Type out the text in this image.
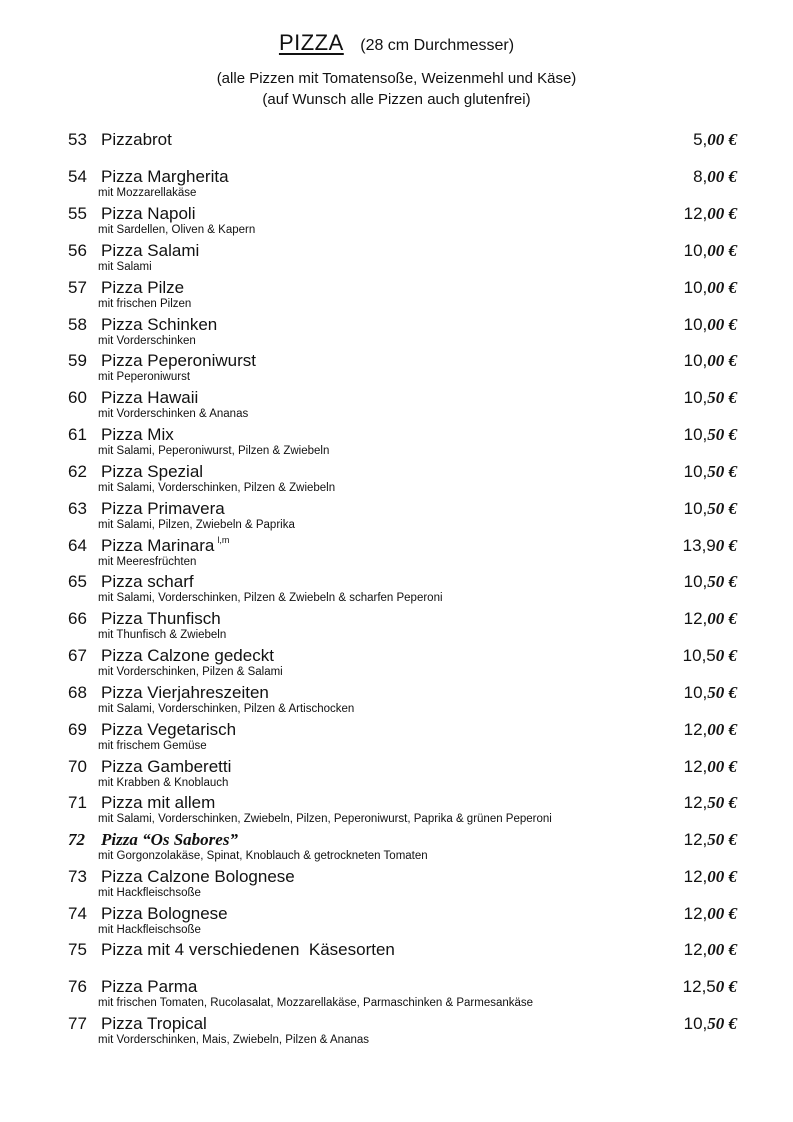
PIZZA (28 cm Durchmesser)
(alle Pizzen mit Tomatensoße, Weizenmehl und Käse)
(auf Wunsch alle Pizzen auch glutenfrei)
53 Pizzabrot	5,00 €
54 Pizza Margherita
mit Mozzarellakäse
8,00 €
55 Pizza Napoli
mit Sardellen, Oliven & Kapern
12,00 €
56 Pizza Salami
mit Salami
10,00 €
57 Pizza Pilze
mit frischen Pilzen
10,00 €
58 Pizza Schinken
mit Vorderschinken
10,00 €
59 Pizza Peperoniwurst
mit Peperoniwurst
10,00 €
60 Pizza Hawaii
mit Vorderschinken & Ananas
10,50 €
61 Pizza Mix
mit Salami, Peperoniwurst, Pilzen & Zwiebeln
10,50 €
62 Pizza Spezial
mit Salami, Vorderschinken, Pilzen & Zwiebeln
10,50 €
63 Pizza Primavera
mit Salami, Pilzen, Zwiebeln & Paprika
10,50 €
64 Pizza Marinara $^{l,m}$
mit Meeresfrüchten
13,90 €
65 Pizza scharf
mit Salami, Vorderschinken, Pilzen & Zwiebeln & scharfen Peperoni
10,50 €
66 Pizza Thunfisch
mit Thunfisch & Zwiebeln
12,00 €
67 Pizza Calzone gedeckt
mit Vorderschinken, Pilzen & Salami
10,50 €
68 Pizza Vierjahreszeiten
mit Salami, Vorderschinken, Pilzen & Artischocken
10,50 €
69 Pizza Vegetarisch
mit frischem Gemüse
12,00 €
70 Pizza Gamberetti
mit Krabben & Knoblauch
12,00 €
71 Pizza mit allem
mit Salami, Vorderschinken, Zwiebeln, Pilzen, Peperoniwurst, Paprika & grünen Peperoni
12,50 €
72 Pizza “Os Sabores”
mit Gorgonzolakäse, Spinat, Knoblauch & getrockneten Tomaten
12,50 €
73 Pizza Calzone Bolognese
mit Hackfleischsoße
12,00 €
74 Pizza Bolognese
mit Hackfleischsoße
12,00 €
75 Pizza mit 4 verschiedenen  Käsesorten	12,00 €
76 Pizza Parma
mit frischen Tomaten, Rucolasalat, Mozzarellakäse, Parmaschinken & Parmesankäse
12,50 €
77 Pizza Tropical
mit Vorderschinken, Mais, Zwiebeln, Pilzen & Ananas
10,50 €
